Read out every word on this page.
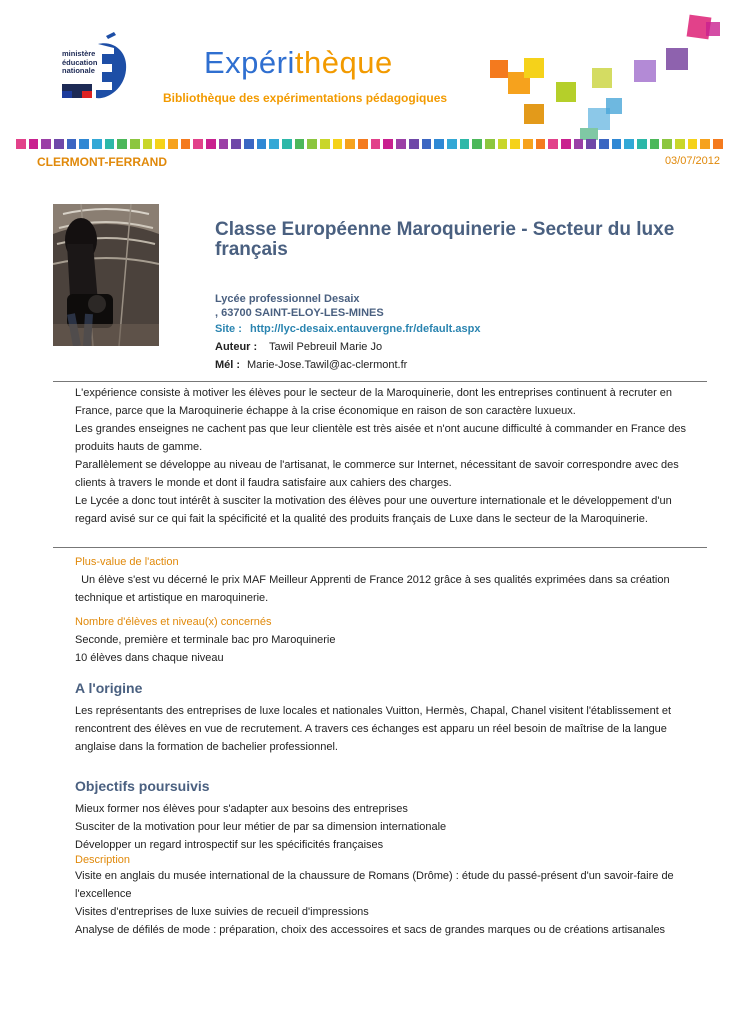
ministère
éducation
nationale	Expérithèque
Bibliothèque des expérimentations pédagogiques
CLERMONT-FERRAND	03/07/2012
Classe Européenne Maroquinerie - Secteur du luxe français
Lycée professionnel Desaix
, 63700 SAINT-ELOY-LES-MINES
Site : http://lyc-desaix.entauvergne.fr/default.aspx
Auteur : Tawil Pebreuil Marie Jo
Mél : Marie-Jose.Tawil@ac-clermont.fr
L'expérience consiste à motiver les élèves pour le secteur de la Maroquinerie, dont les entreprises continuent à recruter en
France, parce que la Maroquinerie échappe à la crise économique en raison de son caractère luxueux.
Les grandes enseignes ne cachent pas que leur clientèle est très aisée et n'ont aucune difficulté à commander en France des
produits hauts de gamme.
Parallèlement se développe au niveau de l'artisanat, le commerce sur Internet, nécessitant de savoir correspondre avec des
clients à travers le monde et dont il faudra satisfaire aux cahiers des charges.
Le Lycée a donc tout intérêt à susciter la motivation des élèves pour une ouverture internationale et le développement d'un
regard avisé sur ce qui fait la spécificité et la qualité des produits français de Luxe dans le secteur de la Maroquinerie.
Plus-value de l'action
Un élève s'est vu décerné le prix MAF Meilleur Apprenti de France 2012 grâce à ses qualités exprimées dans sa création
technique et artistique en maroquinerie.
Nombre d'élèves et niveau(x) concernés
Seconde, première et terminale bac pro Maroquinerie
10 élèves dans chaque niveau
A l'origine
Les représentants des entreprises de luxe locales et nationales Vuitton, Hermès, Chapal, Chanel visitent l'établissement et
rencontrent des élèves en vue de recrutement. A travers ces échanges est apparu un réel besoin de maîtrise de la langue
anglaise dans la formation de bachelier professionnel.
Objectifs poursuivis
Mieux former nos élèves pour s'adapter aux besoins des entreprises
Susciter de la motivation pour leur métier de par sa dimension internationale
Développer un regard introspectif sur les spécificités françaises
Description
Visite en anglais du musée international de la chaussure de Romans (Drôme) : étude du passé-présent d'un savoir-faire de
l'excellence
Visites d'entreprises de luxe suivies de recueil d'impressions
Analyse de défilés de mode : préparation, choix des accessoires et sacs de grandes marques ou de créations artisanales
